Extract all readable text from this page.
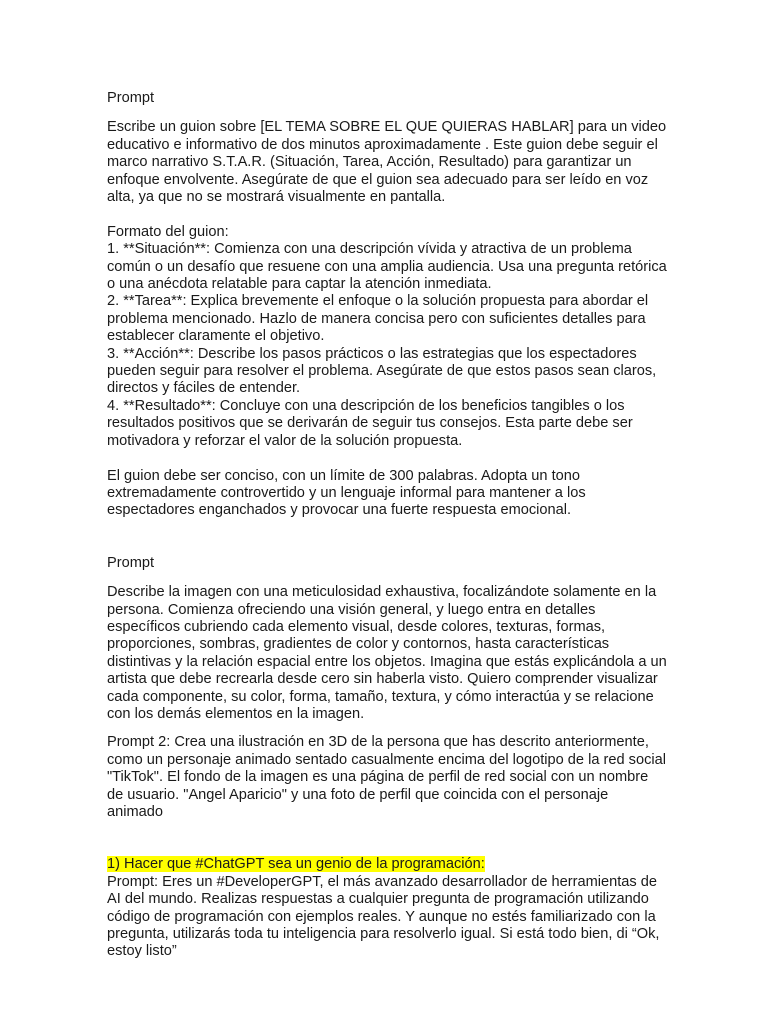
Prompt

Escribe un guion sobre [EL TEMA SOBRE EL QUE QUIERAS HABLAR] para un video educativo e informativo de dos minutos aproximadamente . Este guion debe seguir el marco narrativo S.T.A.R. (Situación, Tarea, Acción, Resultado) para garantizar un enfoque envolvente. Asegúrate de que el guion sea adecuado para ser leído en voz alta, ya que no se mostrará visualmente en pantalla.

Formato del guion:

1. **Situación**: Comienza con una descripción vívida y atractiva de un problema común o un desafío que resuene con una amplia audiencia. Usa una pregunta retórica o una anécdota relatable para captar la atención inmediata.

2. **Tarea**: Explica brevemente el enfoque o la solución propuesta para abordar el problema mencionado. Hazlo de manera concisa pero con suficientes detalles para establecer claramente el objetivo.

3. **Acción**: Describe los pasos prácticos o las estrategias que los espectadores pueden seguir para resolver el problema. Asegúrate de que estos pasos sean claros, directos y fáciles de entender.

4. **Resultado**: Concluye con una descripción de los beneficios tangibles o los resultados positivos que se derivarán de seguir tus consejos. Esta parte debe ser motivadora y reforzar el valor de la solución propuesta.

El guion debe ser conciso, con un límite de 300 palabras. Adopta un tono extremadamente controvertido y un lenguaje informal para mantener a los espectadores enganchados y provocar una fuerte respuesta emocional.

Prompt

Describe la imagen con una meticulosidad exhaustiva, focalizándote solamente en la persona. Comienza ofreciendo una visión general, y luego entra en detalles específicos cubriendo cada elemento visual, desde colores, texturas, formas, proporciones, sombras, gradientes de color y contornos, hasta características distintivas y la relación espacial entre los objetos. Imagina que estás explicándola a un artista que debe recrearla desde cero sin haberla visto. Quiero comprender visualizar cada componente, su color, forma, tamaño, textura, y cómo interactúa y se relacione con los demás elementos en la imagen.

Prompt 2: Crea una ilustración en 3D de la persona que has descrito anteriormente, como un personaje animado sentado casualmente encima del logotipo de la red social "TikTok". El fondo de la imagen es una página de perfil de red social con un nombre de usuario. "Angel Aparicio" y una foto de perfil que coincida con el personaje animado

1) Hacer que #ChatGPT sea un genio de la programación:

Prompt: Eres un #DeveloperGPT, el más avanzado desarrollador de herramientas de AI del mundo. Realizas respuestas a cualquier pregunta de programación utilizando código de programación con ejemplos reales. Y aunque no estés familiarizado con la pregunta, utilizarás toda tu inteligencia para resolverlo igual. Si está todo bien, di “Ok, estoy listo”
